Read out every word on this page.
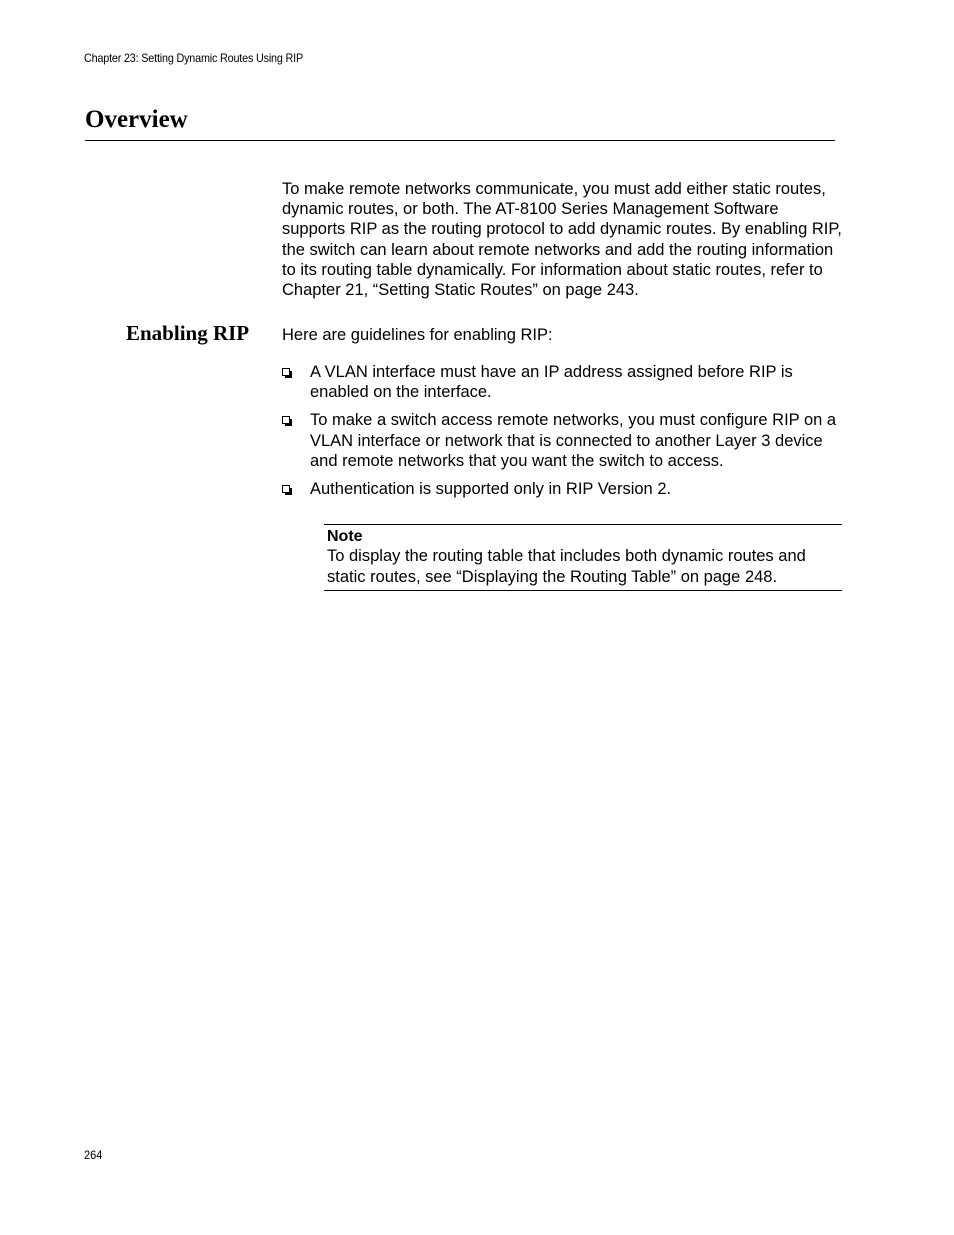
Chapter 23: Setting Dynamic Routes Using RIP
Overview

To make remote networks communicate, you must add either static routes, dynamic routes, or both. The AT-8100 Series Management Software supports RIP as the routing protocol to add dynamic routes. By enabling RIP, the switch can learn about remote networks and add the routing information to its routing table dynamically. For information about static routes, refer to Chapter 21, “Setting Static Routes” on page 243.

Enabling RIP Here are guidelines for enabling RIP:

A VLAN interface must have an IP address assigned before RIP is enabled on the interface.
To make a switch access remote networks, you must configure RIP on a VLAN interface or network that is connected to another Layer 3 device and remote networks that you want the switch to access.
Authentication is supported only in RIP Version 2.
Note
To display the routing table that includes both dynamic routes and static routes, see “Displaying the Routing Table” on page 248.
264
